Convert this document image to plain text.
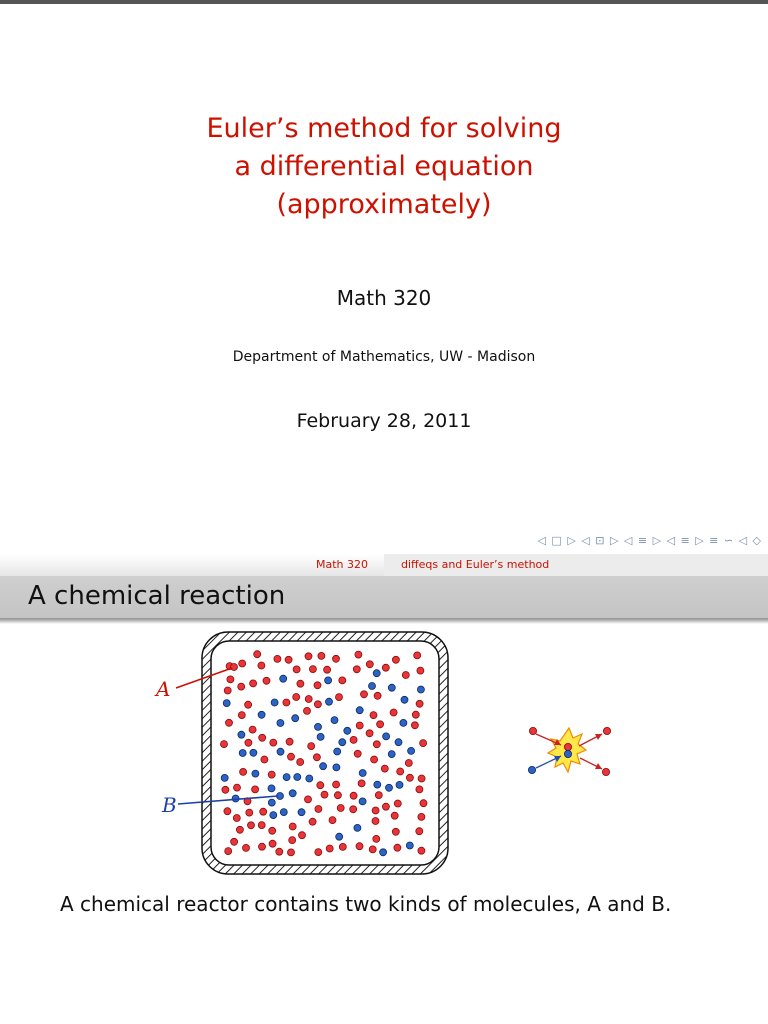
Euler’s method for solving
a differential equation
(approximately)
Math 320
Department of Mathematics, UW - Madison
February 28, 2011
◁ □ ▷ ◁ ⊡ ▷ ◁ ≡ ▷ ◁ ≡ ▷ ≡ ∽ ◁ ◇
Math 320	diffeqs and Euler’s method
A chemical reaction
A
B
A chemical reactor contains two kinds of molecules, A and B.
